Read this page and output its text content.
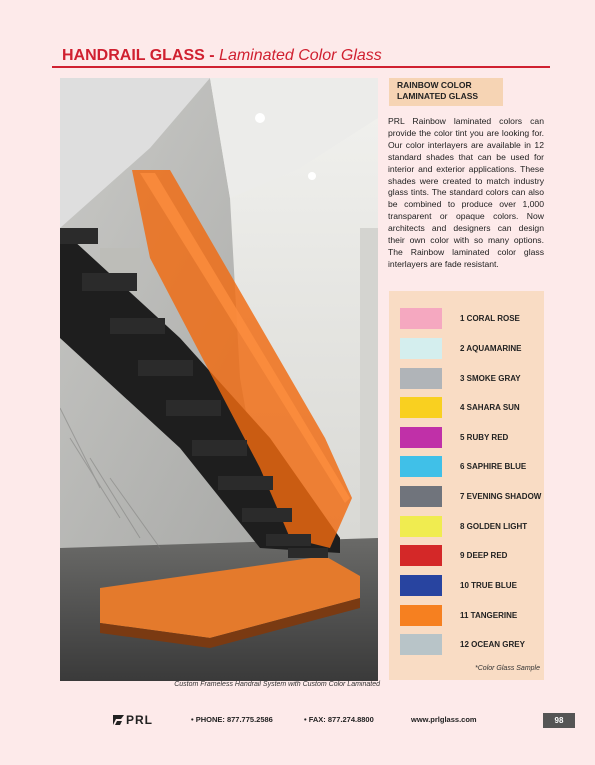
HANDRAIL GLASS - Laminated Color Glass
Custom Frameless Handrail System with Custom Color Laminated
RAINBOW COLOR
LAMINATED GLASS
PRL Rainbow laminated colors can provide the color tint you are looking for. Our color interlayers are available in 12 standard shades that can be used for interior and exterior applications. These shades were created to match industry glass tints. The standard colors can also be combined to produce over 1,000 transparent or opaque colors. Now architects and designers can design their own color with so many options. The Rainbow laminated color glass interlayers are fade resistant.
1 CORAL ROSE
2 AQUAMARINE
3 SMOKE GRAY
4 SAHARA SUN
5 RUBY RED
6 SAPHIRE BLUE
7 EVENING SHADOW
8 GOLDEN LIGHT
9 DEEP RED
10 TRUE BLUE
11 TANGERINE
12 OCEAN GREY
*Color Glass Sample
PRL	• PHONE: 877.775.2586	• FAX: 877.274.8800	www.prlglass.com	98
